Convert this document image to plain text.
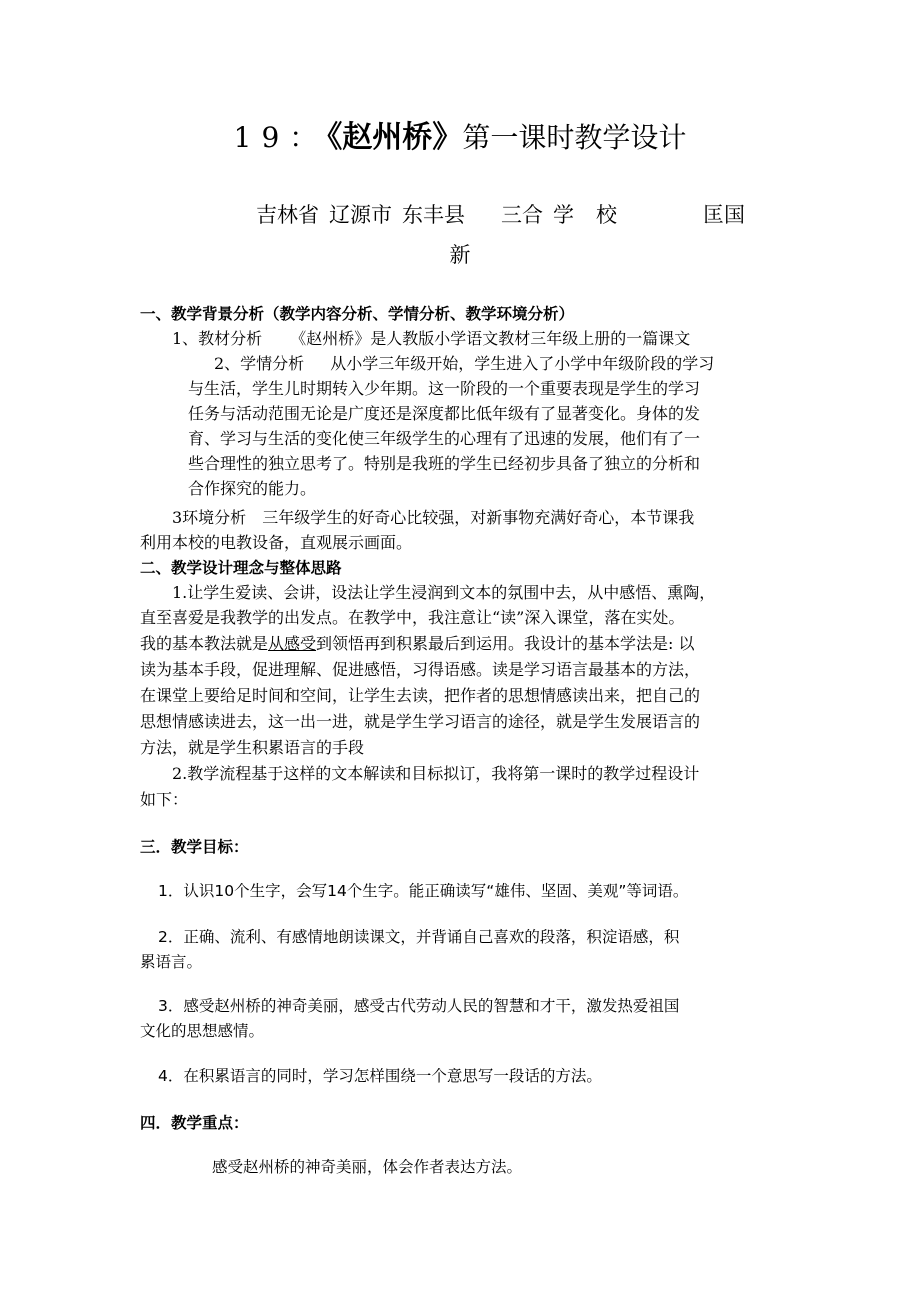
19：《赵州桥》第一课时教学设计
吉林省 辽源市 东丰县 三合 学 校	匡国
新
一、教学背景分析（教学内容分析、学情分析、教学环境分析）
1、教材分析 《赵州桥》是人教版小学语文教材三年级上册的一篇课文
2、学情分析 从小学三年级开始，学生进入了小学中年级阶段的学习
与生活，学生儿时期转入少年期。这一阶段的一个重要表现是学生的学习
任务与活动范围无论是广度还是深度都比低年级有了显著变化。身体的发
育、学习与生活的变化使三年级学生的心理有了迅速的发展，他们有了一
些合理性的独立思考了。特别是我班的学生已经初步具备了独立的分析和
合作探究的能力。
3环境分析 三年级学生的好奇心比较强，对新事物充满好奇心，本节课我
利用本校的电教设备，直观展示画面。
二、教学设计理念与整体思路
1.让学生爱读、会讲，设法让学生浸润到文本的氛围中去，从中感悟、熏陶，
直至喜爱是我教学的出发点。在教学中，我注意让“读”深入课堂，落在实处。
我的基本教法就是从感受到领悟再到积累最后到运用。我设计的基本学法是: 以
读为基本手段，促进理解、促进感悟，习得语感。读是学习语言最基本的方法，
在课堂上要给足时间和空间，让学生去读，把作者的思想情感读出来，把自己的
思想情感读进去，这一出一进，就是学生学习语言的途径，就是学生发展语言的
方法，就是学生积累语言的手段
2.教学流程基于这样的文本解读和目标拟订，我将第一课时的教学过程设计
如下：
三．教学目标：
1．认识10个生字，会写14个生字。能正确读写“雄伟、坚固、美观”等词语。
2．正确、流利、有感情地朗读课文，并背诵自己喜欢的段落，积淀语感，积
累语言。
3．感受赵州桥的神奇美丽，感受古代劳动人民的智慧和才干，激发热爱祖国
文化的思想感情。
4．在积累语言的同时，学习怎样围绕一个意思写一段话的方法。
四．教学重点：
感受赵州桥的神奇美丽，体会作者表达方法。
